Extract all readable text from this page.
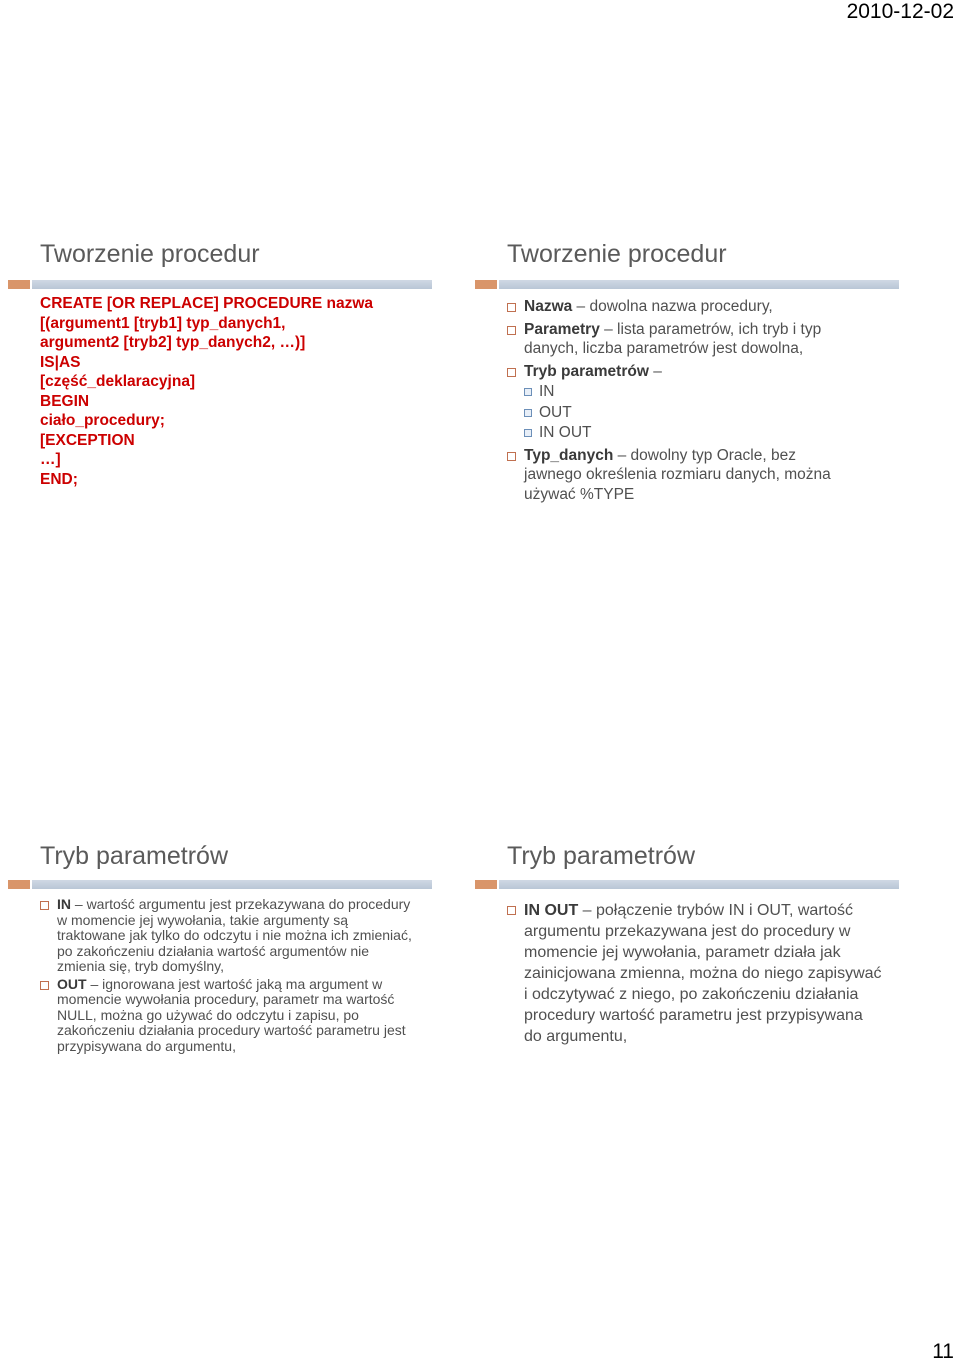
2010-12-02
Tworzenie procedur
CREATE [OR REPLACE] PROCEDURE nazwa
[(argument1 [tryb1] typ_danych1,
argument2 [tryb2] typ_danych2, …)]
IS|AS
[część_deklaracyjna]
BEGIN
ciało_procedury;
[EXCEPTION
…]
END;
Tworzenie procedur
Nazwa – dowolna nazwa procedury,
Parametry – lista parametrów, ich tryb i typ danych, liczba parametrów jest dowolna,
Tryb parametrów –
IN
OUT
IN OUT
Typ_danych – dowolny typ Oracle, bez jawnego określenia rozmiaru danych, można używać %TYPE
Tryb parametrów
IN – wartość argumentu jest przekazywana do procedury w momencie jej wywołania, takie argumenty są traktowane jak tylko do odczytu i nie można ich zmieniać, po zakończeniu działania wartość argumentów nie zmienia się, tryb domyślny,
OUT – ignorowana jest wartość jaką ma argument w momencie wywołania procedury, parametr ma wartość NULL, można go używać do odczytu i zapisu, po zakończeniu działania procedury wartość parametru jest przypisywana do argumentu,
Tryb parametrów
IN OUT – połączenie trybów IN i OUT, wartość argumentu przekazywana jest do procedury w momencie jej wywołania, parametr działa jak zainicjowana zmienna, można do niego zapisywać i odczytywać z niego, po zakończeniu działania procedury wartość parametru jest przypisywana do argumentu,
11
